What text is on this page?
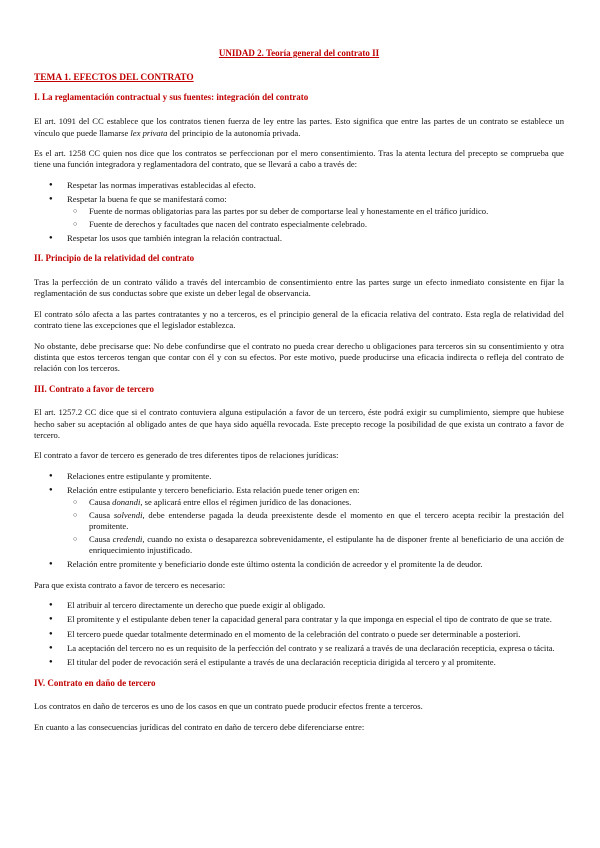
UNIDAD 2. Teoría general del contrato II
TEMA 1. EFECTOS DEL CONTRATO
I. La reglamentación contractual y sus fuentes: integración del contrato

El art. 1091 del CC establece que los contratos tienen fuerza de ley entre las partes. Esto significa que entre las partes de un contrato se establece un vínculo que puede llamarse lex privata del principio de la autonomía privada.

Es el art. 1258 CC quien nos dice que los contratos se perfeccionan por el mero consentimiento. Tras la atenta lectura del precepto se comprueba que tiene una función integradora y reglamentadora del contrato, que se llevará a cabo a través de:

● Respetar las normas imperativas establecidas al efecto.
● Respetar la buena fe que se manifestará como:
○ Fuente de normas obligatorias para las partes por su deber de comportarse leal y honestamente en el tráfico jurídico.
○ Fuente de derechos y facultades que nacen del contrato especialmente celebrado.
● Respetar los usos que también integran la relación contractual.
II. Principio de la relatividad del contrato

Tras la perfección de un contrato válido a través del intercambio de consentimiento entre las partes surge un efecto inmediato consistente en fijar la reglamentación de sus conductas sobre que existe un deber legal de observancia.

El contrato sólo afecta a las partes contratantes y no a terceros, es el principio general de la eficacia relativa del contrato. Esta regla de relatividad del contrato tiene las excepciones que el legislador establezca.

No obstante, debe precisarse que: No debe confundirse que el contrato no pueda crear derecho u obligaciones para terceros sin su consentimiento y otra distinta que estos terceros tengan que contar con él y con su efectos. Por este motivo, puede producirse una eficacia indirecta o refleja del contrato de relación con los terceros.

III. Contrato a favor de tercero

El art. 1257.2 CC dice que si el contrato contuviera alguna estipulación a favor de un tercero, éste podrá exigir su cumplimiento, siempre que hubiese hecho saber su aceptación al obligado antes de que haya sido aquélla revocada. Este precepto recoge la posibilidad de que exista un contrato a favor de tercero.

El contrato a favor de tercero es generado de tres diferentes tipos de relaciones jurídicas:

● Relaciones entre estipulante y promitente.
● Relación entre estipulante y tercero beneficiario. Esta relación puede tener origen en:
○ Causa donandi, se aplicará entre ellos el régimen jurídico de las donaciones.
○ Causa solvendi, debe entenderse pagada la deuda preexistente desde el momento en que el tercero acepta recibir la prestación del promitente.
○ Causa credendi, cuando no exista o desaparezca sobrevenidamente, el estipulante ha de disponer frente al beneficiario de una acción de enriquecimiento injustificado.
● Relación entre promitente y beneficiario donde este último ostenta la condición de acreedor y el promitente la de deudor.

Para que exista contrato a favor de tercero es necesario:

● El atribuir al tercero directamente un derecho que puede exigir al obligado.
● El promitente y el estipulante deben tener la capacidad general para contratar y la que imponga en especial el tipo de contrato de que se trate.
● El tercero puede quedar totalmente determinado en el momento de la celebración del contrato o puede ser determinable a posteriori.
● La aceptación del tercero no es un requisito de la perfección del contrato y se realizará a través de una declaración recepticia, expresa o tácita.
● El titular del poder de revocación será el estipulante a través de una declaración recepticia dirigida al tercero y al promitente.
IV. Contrato en daño de tercero

Los contratos en daño de terceros es uno de los casos en que un contrato puede producir efectos frente a terceros.

En cuanto a las consecuencias jurídicas del contrato en daño de tercero debe diferenciarse entre:
